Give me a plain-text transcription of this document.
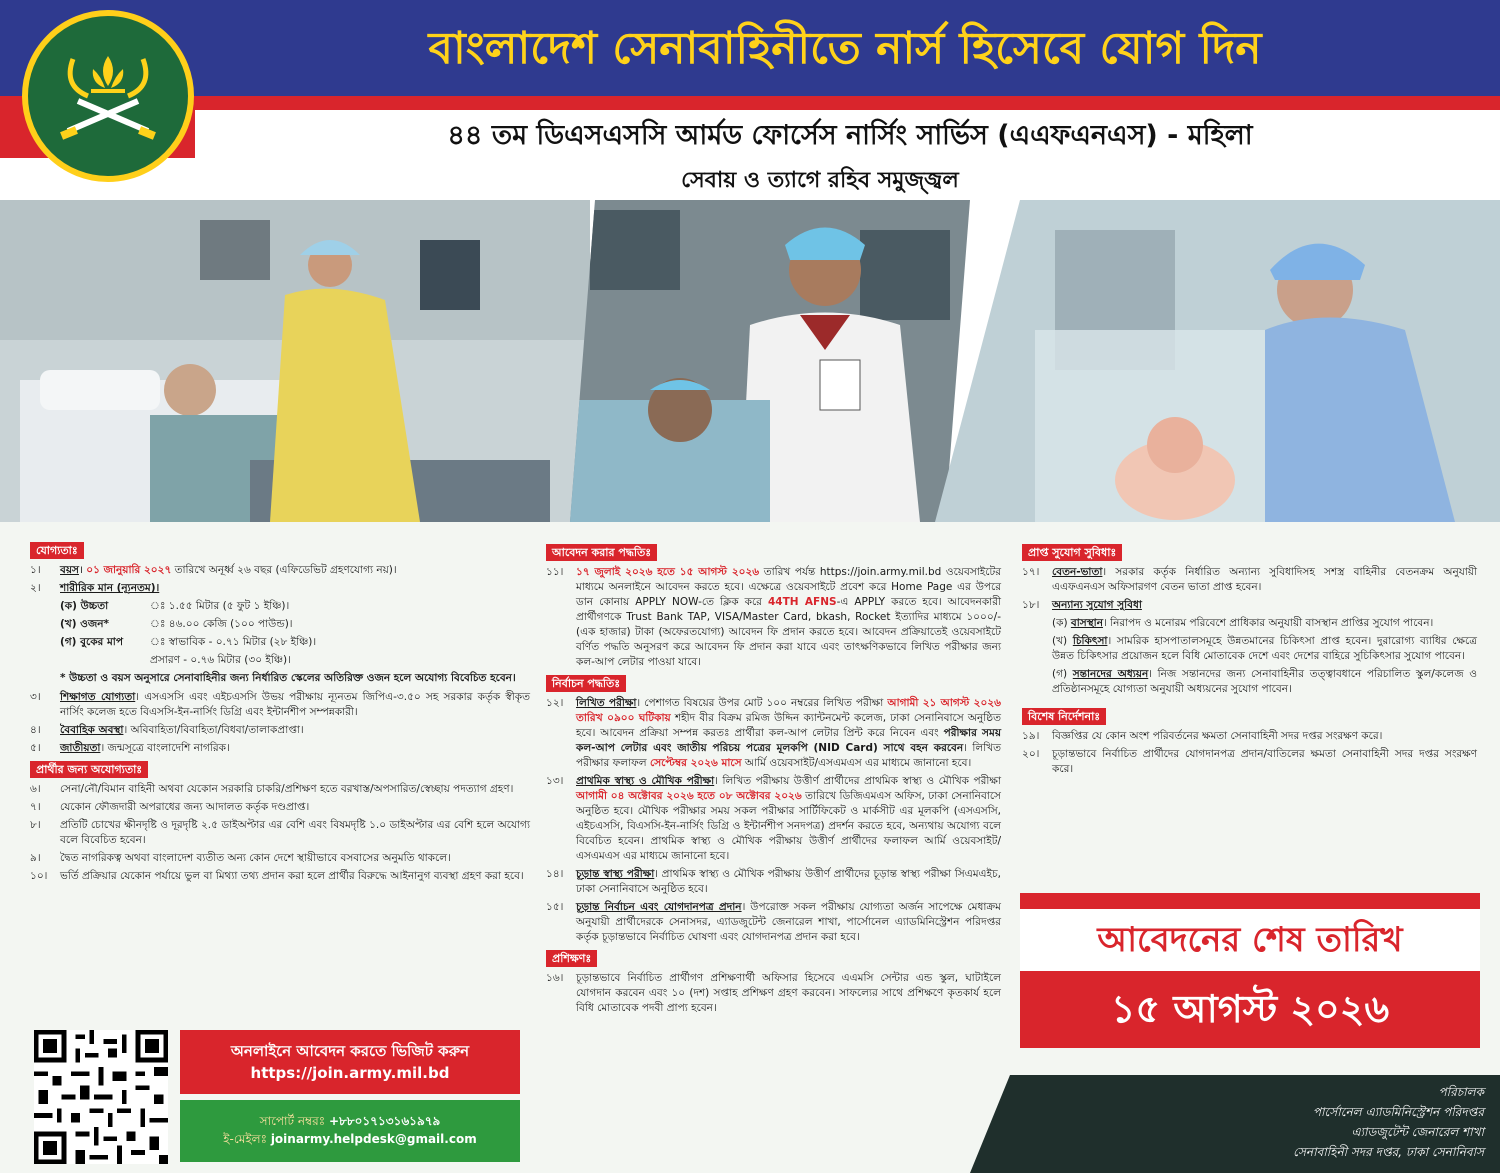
বাংলাদেশ সেনাবাহিনীতে নার্স হিসেবে যোগ দিন
৪৪ তম ডিএসএসসি আর্মড ফোর্সেস নার্সিং সার্ভিস (এএফএনএস) - মহিলা
সেবায় ও ত্যাগে রহিব সমুজ্জ্বল
যোগ্যতাঃ
১।	বয়স। ০১ জানুয়ারি ২০২৭ তারিখে অনূর্ধ্ব ২৬ বছর (এফিডেভিট গ্রহণযোগ্য নয়)।
২।	শারীরিক মান (ন্যূনতম)।
(ক) উচ্চতা	ঃ ১.৫৫ মিটার (৫ ফুট ১ ইঞ্চি)।
(খ) ওজন*	ঃ ৪৬.০০ কেজি (১০০ পাউন্ড)।
(গ) বুকের মাপ	ঃ স্বাভাবিক - ০.৭১ মিটার (২৮ ইঞ্চি)।
প্রসারণ - ০.৭৬ মিটার (৩০ ইঞ্চি)।
* উচ্চতা ও বয়স অনুসারে সেনাবাহিনীর জন্য নির্ধারিত স্কেলের অতিরিক্ত ওজন হলে অযোগ্য বিবেচিত হবেন।
৩।	শিক্ষাগত যোগ্যতা। এসএসসি এবং এইচএসসি উভয় পরীক্ষায় ন্যূনতম জিপিএ-৩.৫০ সহ সরকার কর্তৃক স্বীকৃত নার্সিং কলেজ হতে বিএসসি-ইন-নার্সিং ডিগ্রি এবং ইন্টার্নশীপ সম্পন্নকারী।
৪।	বৈবাহিক অবস্থা। অবিবাহিতা/বিবাহিতা/বিধবা/তালাকপ্রাপ্তা।
৫।	জাতীয়তা। জন্মসূত্রে বাংলাদেশি নাগরিক।
প্রার্থীর জন্য অযোগ্যতাঃ
৬।	সেনা/নৌ/বিমান বাহিনী অথবা যেকোন সরকারি চাকরি/প্রশিক্ষণ হতে বরখাস্ত/অপসারিত/স্বেচ্ছায় পদত্যাগ গ্রহণ।
৭।	যেকোন ফৌজদারী অপরাধের জন্য আদালত কর্তৃক দণ্ডপ্রাপ্ত।
৮।	প্রতিটি চোখের ক্ষীনদৃষ্টি ও দূরদৃষ্টি ২.৫ ডাইঅপ্টার এর বেশি এবং বিষমদৃষ্টি ১.০ ডাইঅপ্টার এর বেশি হলে অযোগ্য বলে বিবেচিত হবেন।
৯।	দ্বৈত নাগরিকত্ব অথবা বাংলাদেশ ব্যতীত অন্য কোন দেশে স্থায়ীভাবে বসবাসের অনুমতি থাকলে।
১০।	ভর্তি প্রক্রিয়ার যেকোন পর্যায়ে ভুল বা মিথ্যা তথ্য প্রদান করা হলে প্রার্থীর বিরুদ্ধে আইনানুগ ব্যবস্থা গ্রহণ করা হবে।
আবেদন করার পদ্ধতিঃ
১১।	১৭ জুলাই ২০২৬ হতে ১৫ আগস্ট ২০২৬ তারিখ পর্যন্ত https://join.army.mil.bd ওয়েবসাইটের মাধ্যমে অনলাইনে আবেদন করতে হবে। এক্ষেত্রে ওয়েবসাইটে প্রবেশ করে Home Page এর উপরে ডান কোনায় APPLY NOW-তে ক্লিক করে 44TH AFNS-এ APPLY করতে হবে। আবেদনকারী প্রার্থীগণকে Trust Bank TAP, VISA/Master Card, bkash, Rocket ইত্যাদির মাধ্যমে ১০০০/- (এক হাজার) টাকা (অফেরতযোগ্য) আবেদন ফি প্রদান করতে হবে। আবেদন প্রক্রিয়াতেই ওয়েবসাইটে বর্ণিত পদ্ধতি অনুসরণ করে আবেদন ফি প্রদান করা যাবে এবং তাৎক্ষণিকভাবে লিখিত পরীক্ষার জন্য কল-আপ লেটার পাওয়া যাবে।
নির্বাচন পদ্ধতিঃ
১২।	লিখিত পরীক্ষা। পেশাগত বিষয়ের উপর মোট ১০০ নম্বরের লিখিত পরীক্ষা আগামী ২১ আগস্ট ২০২৬ তারিখ ০৯০০ ঘটিকায় শহীদ বীর বিক্রম রমিজ উদ্দিন ক্যান্টনমেন্ট কলেজ, ঢাকা সেনানিবাসে অনুষ্ঠিত হবে। আবেদন প্রক্রিয়া সম্পন্ন করতঃ প্রার্থীরা কল-আপ লেটার প্রিন্ট করে নিবেন এবং পরীক্ষার সময় কল-আপ লেটার এবং জাতীয় পরিচয় পত্রের মূলকপি (NID Card) সাথে বহন করবেন। লিখিত পরীক্ষার ফলাফল সেপ্টেম্বর ২০২৬ মাসে আর্মি ওয়েবসাইট/এসএমএস এর মাধ্যমে জানানো হবে।
১৩।	প্রাথমিক স্বাস্থ্য ও মৌখিক পরীক্ষা। লিখিত পরীক্ষায় উত্তীর্ণ প্রার্থীদের প্রাথমিক স্বাস্থ্য ও মৌখিক পরীক্ষা আগামী ০৪ অক্টোবর ২০২৬ হতে ০৮ অক্টোবর ২০২৬ তারিখে ডিজিএমএস অফিস, ঢাকা সেনানিবাসে অনুষ্ঠিত হবে। মৌখিক পরীক্ষার সময় সকল পরীক্ষার সার্টিফিকেট ও মার্কসীট এর মূলকপি (এসএসসি, এইচএসসি, বিএসসি-ইন-নার্সিং ডিগ্রি ও ইন্টার্নশীপ সনদপত্র) প্রদর্শন করতে হবে, অন্যথায় অযোগ্য বলে বিবেচিত হবেন। প্রাথমিক স্বাস্থ্য ও মৌখিক পরীক্ষায় উত্তীর্ণ প্রার্থীদের ফলাফল আর্মি ওয়েবসাইট/এসএমএস এর মাধ্যমে জানানো হবে।
১৪।	চূড়ান্ত স্বাস্থ্য পরীক্ষা। প্রাথমিক স্বাস্থ্য ও মৌখিক পরীক্ষায় উত্তীর্ণ প্রার্থীদের চূড়ান্ত স্বাস্থ্য পরীক্ষা সিএমএইচ, ঢাকা সেনানিবাসে অনুষ্ঠিত হবে।
১৫।	চূড়ান্ত নির্বাচন এবং যোগদানপত্র প্রদান। উপরোক্ত সকল পরীক্ষায় যোগ্যতা অর্জন সাপেক্ষে মেধাক্রম অনুযায়ী প্রার্থীদেরকে সেনাসদর, এ্যাডজুটেন্ট জেনারেল শাখা, পার্সোনেল এ্যাডমিনিস্ট্রেশন পরিদপ্তর কর্তৃক চূড়ান্তভাবে নির্বাচিত ঘোষণা এবং যোগদানপত্র প্রদান করা হবে।
প্রশিক্ষণঃ
১৬।	চূড়ান্তভাবে নির্বাচিত প্রার্থীগণ প্রশিক্ষণার্থী অফিসার হিসেবে এএমসি সেন্টার এন্ড স্কুল, ঘাটাইলে যোগদান করবেন এবং ১০ (দশ) সপ্তাহ প্রশিক্ষণ গ্রহণ করবেন। সাফল্যের সাথে প্রশিক্ষণে কৃতকার্য হলে বিধি মোতাবেক পদবী প্রাপ্য হবেন।
প্রাপ্ত সুযোগ সুবিধাঃ
১৭।	বেতন-ভাতা। সরকার কর্তৃক নির্ধারিত অন্যান্য সুবিধাদিসহ সশস্ত্র বাহিনীর বেতনক্রম অনুযায়ী এএফএনএস অফিসারগণ বেতন ভাতা প্রাপ্ত হবেন।
১৮।	অন্যান্য সুযোগ সুবিধা
(ক) বাসস্থান। নিরাপদ ও মনোরম পরিবেশে প্রাধিকার অনুযায়ী বাসস্থান প্রাপ্তির সুযোগ পাবেন।
(খ) চিকিৎসা। সামরিক হাসপাতালসমূহে উন্নতমানের চিকিৎসা প্রাপ্ত হবেন। দুরারোগ্য ব্যাধির ক্ষেত্রে উন্নত চিকিৎসার প্রয়োজন হলে বিধি মোতাবেক দেশে এবং দেশের বাহিরে সুচিকিৎসার সুযোগ পাবেন।
(গ) সন্তানদের অধ্যয়ন। নিজ সন্তানদের জন্য সেনাবাহিনীর তত্ত্বাবধানে পরিচালিত স্কুল/কলেজ ও প্রতিষ্ঠানসমূহে যোগ্যতা অনুযায়ী অধ্যয়নের সুযোগ পাবেন।
বিশেষ নির্দেশনাঃ
১৯।	বিজ্ঞপ্তির যে কোন অংশ পরিবর্তনের ক্ষমতা সেনাবাহিনী সদর দপ্তর সংরক্ষণ করে।
২০।	চূড়ান্তভাবে নির্বাচিত প্রার্থীদের যোগদানপত্র প্রদান/বাতিলের ক্ষমতা সেনাবাহিনী সদর দপ্তর সংরক্ষণ করে।
অনলাইনে আবেদন করতে ভিজিট করুন
https://join.army.mil.bd
সাপোর্ট নম্বরঃ +৮৮০১৭১৩১৬১৯৭৯
ই-মেইলঃ joinarmy.helpdesk@gmail.com
আবেদনের শেষ তারিখ
১৫ আগস্ট ২০২৬
পরিচালক
পার্সোনেল এ্যাডমিনিস্ট্রেশন পরিদপ্তর
এ্যাডজুটেন্ট জেনারেল শাখা
সেনাবাহিনী সদর দপ্তর, ঢাকা সেনানিবাস
